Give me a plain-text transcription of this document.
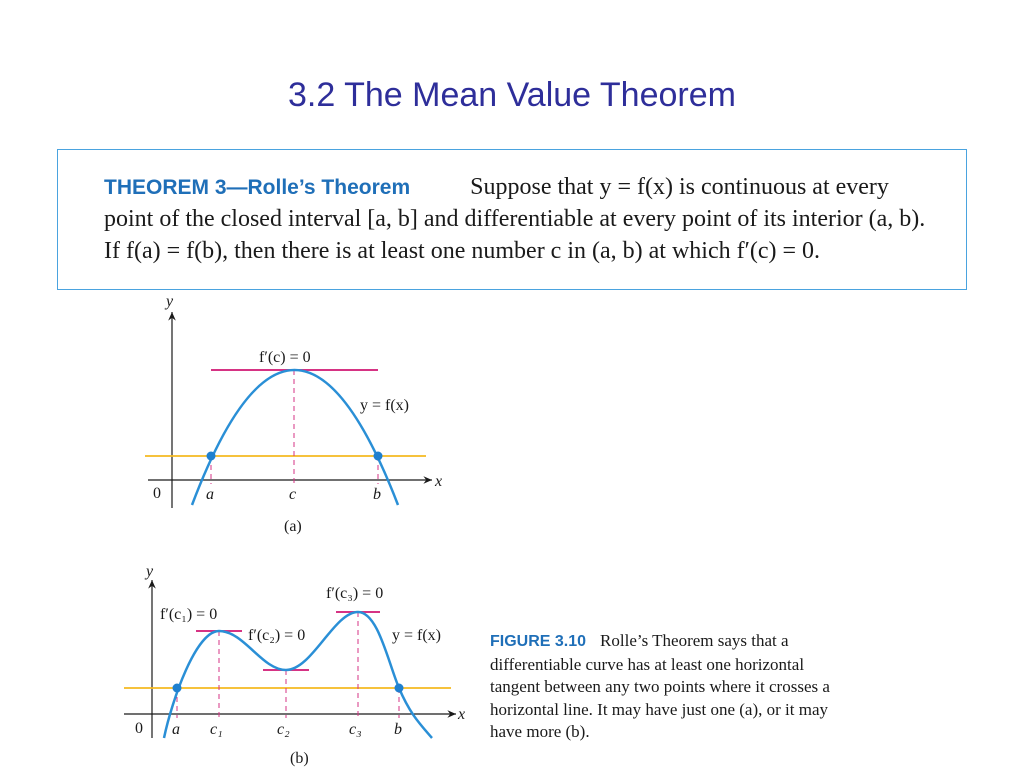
3.2 The Mean Value Theorem
THEOREM 3—Rolle’s Theorem	Suppose that y = f(x) is continuous at every
point of the closed interval [a, b] and differentiable at every point of its interior (a, b).
If f(a) = f(b), then there is at least one number c in (a, b) at which f′(c) = 0.
y
x
0
f′(c) = 0
y = f(x)
a	c	b
(a)
y
x
0
f′(c₁) = 0
f′(c₂) = 0
f′(c₃) = 0
y = f(x)
a c₁	c₂	c₃ b
(b)
FIGURE 3.10 Rolle’s Theorem says that a differentiable curve has at least one horizontal tangent between any two points where it crosses a horizontal line. It may have just one (a), or it may have more (b).
